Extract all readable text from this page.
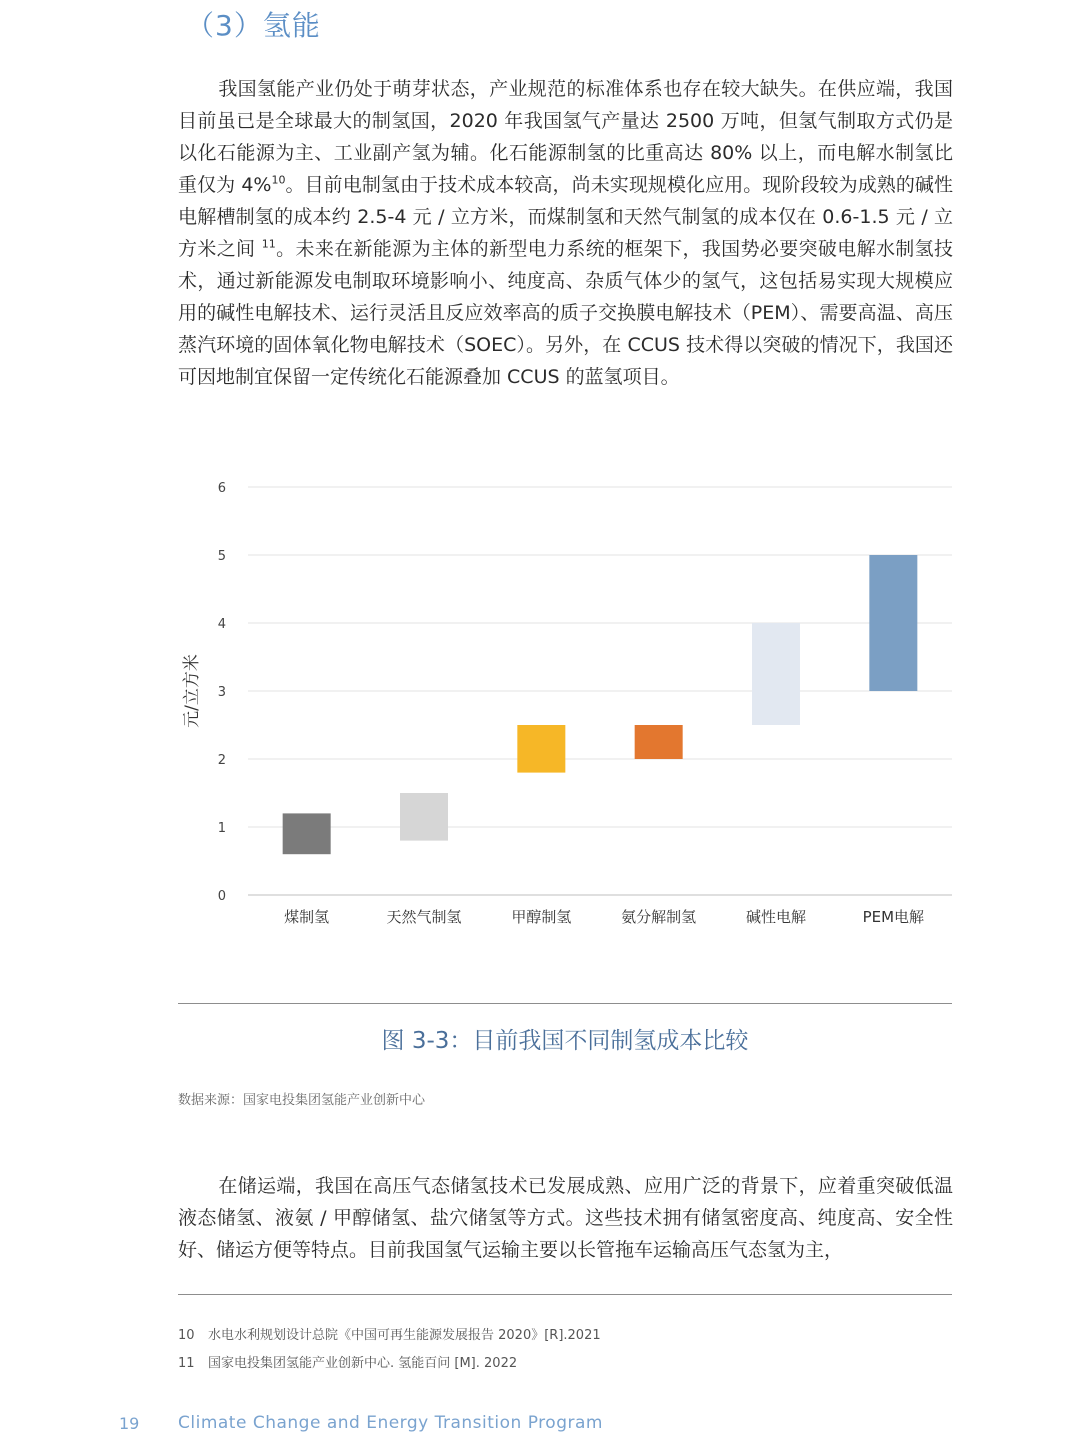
（3）氢能

我国氢能产业仍处于萌芽状态，产业规范的标准体系也存在较大缺失。在供应端，我国目前虽已是全球最大的制氢国，2020 年我国氢气产量达 2500 万吨，但氢气制取方式仍是以化石能源为主、工业副产氢为辅。化石能源制氢的比重高达 80% 以上，而电解水制氢比重仅为 4%$^{10}$。目前电制氢由于技术成本较高，尚未实现规模化应用。现阶段较为成熟的碱性电解槽制氢的成本约 2.5-4 元 / 立方米，而煤制氢和天然气制氢的成本仅在 0.6-1.5 元 / 立方米之间 $^{11}$。未来在新能源为主体的新型电力系统的框架下，我国势必要突破电解水制氢技术，通过新能源发电制取环境影响小、纯度高、杂质气体少的氢气，这包括易实现大规模应用的碱性电解技术、运行灵活且反应效率高的质子交换膜电解技术（PEM）、需要高温、高压蒸汽环境的固体氧化物电解技术（SOEC）。另外，在 CCUS 技术得以突破的情况下，我国还可因地制宜保留一定传统化石能源叠加 CCUS 的蓝氢项目。

0
1
2
3
4
5
6
元/立方米
煤制氢	天然气制氢	甲醇制氢	氨分解制氢	碱性电解	PEM电解
图 3-3：目前我国不同制氢成本比较
数据来源：国家电投集团氢能产业创新中心

在储运端，我国在高压气态储氢技术已发展成熟、应用广泛的背景下，应着重突破低温液态储氢、液氨 / 甲醇储氢、盐穴储氢等方式。这些技术拥有储氢密度高、纯度高、安全性好、储运方便等特点。目前我国氢气运输主要以长管拖车运输高压气态氢为主，

10 水电水利规划设计总院《中国可再生能源发展报告 2020》[R].2021
11 国家电投集团氢能产业创新中心. 氢能百问 [M]. 2022
19 Climate Change and Energy Transition Program
